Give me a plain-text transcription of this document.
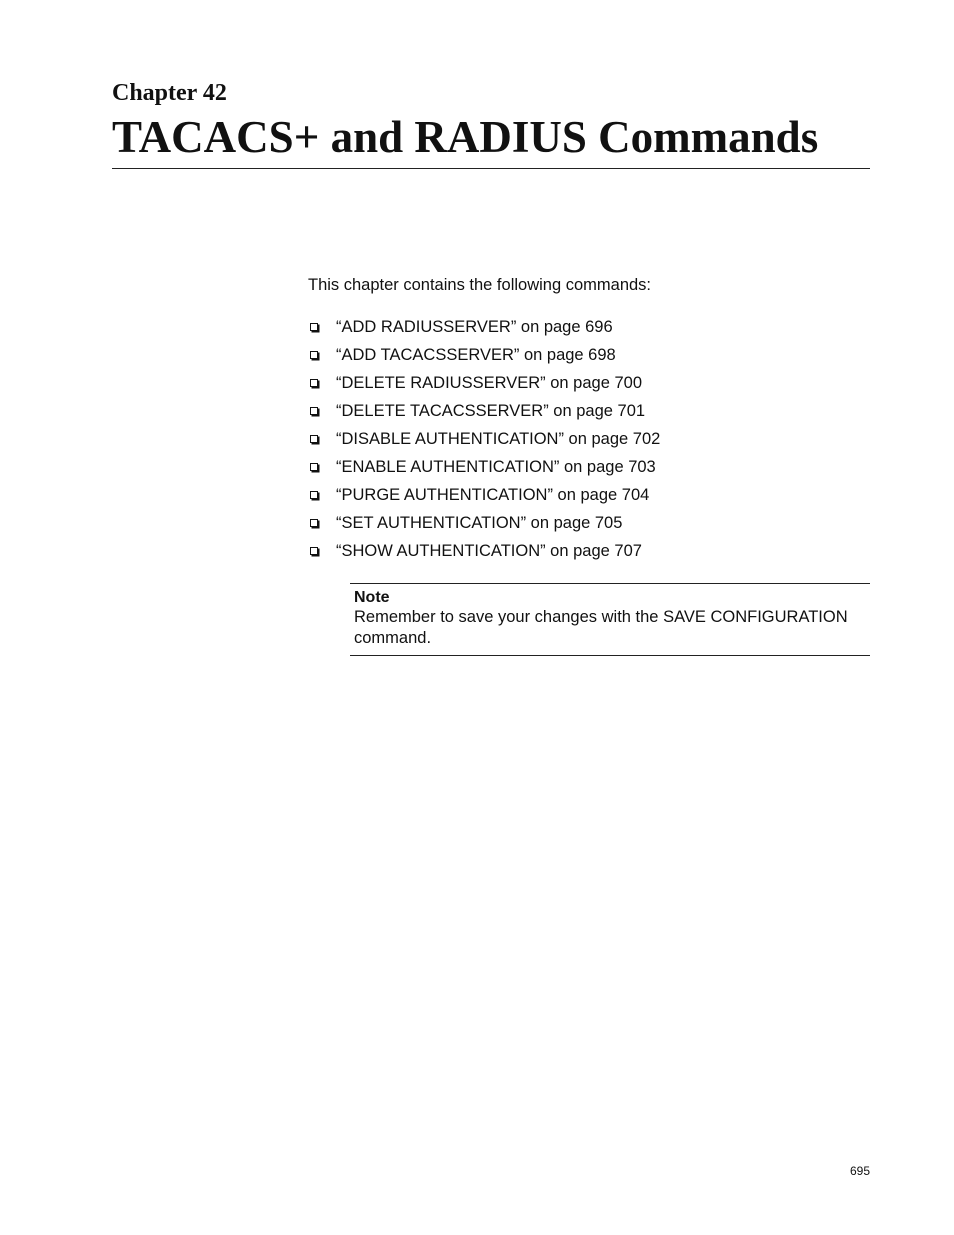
Chapter 42
TACACS+ and RADIUS Commands
This chapter contains the following commands:
“ADD RADIUSSERVER” on page 696
“ADD TACACSSERVER” on page 698
“DELETE RADIUSSERVER” on page 700
“DELETE TACACSSERVER” on page 701
“DISABLE AUTHENTICATION” on page 702
“ENABLE AUTHENTICATION” on page 703
“PURGE AUTHENTICATION” on page 704
“SET AUTHENTICATION” on page 705
“SHOW AUTHENTICATION” on page 707
Note
Remember to save your changes with the SAVE CONFIGURATION command.
695
